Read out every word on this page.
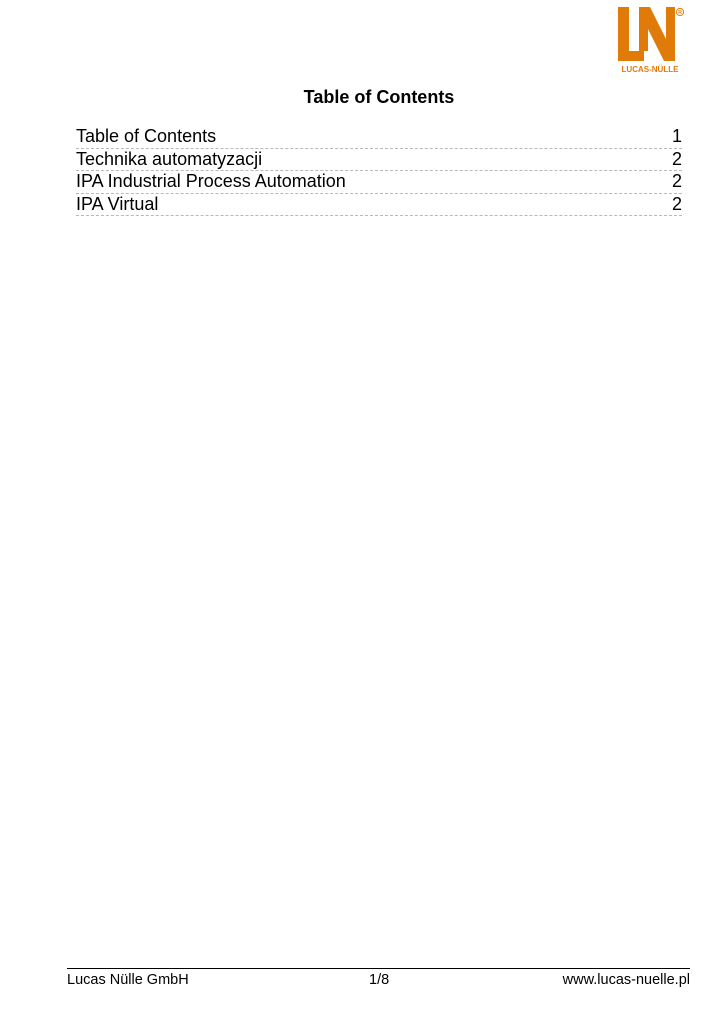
R
LUCAS-NÜLLE
Table of Contents
Table of Contents	1
Technika automatyzacji	2
IPA Industrial Process Automation	2
IPA Virtual	2
Lucas Nülle GmbH	1/8	www.lucas-nuelle.pl
